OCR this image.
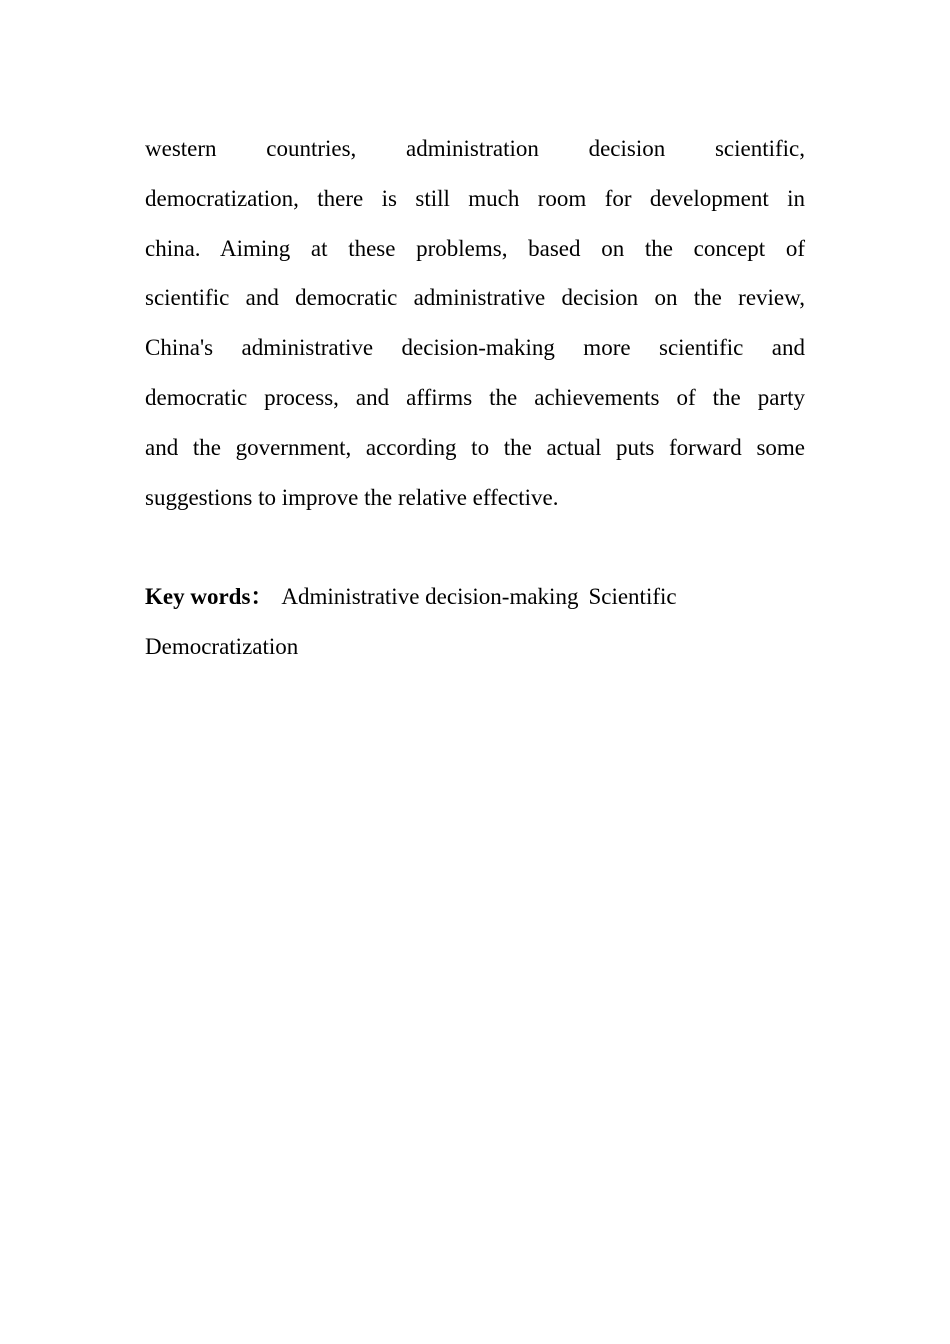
western countries, administration decision scientific,
democratization, there is still much room for development in
china. Aiming at these problems, based on the concept of
scientific and democratic administrative decision on the review,
China's administrative decision-making more scientific and
democratic process, and affirms the achievements of the party
and the government, according to the actual puts forward some
suggestions to improve the relative effective.
Key words： Administrative decision-making Scientific
Democratization
